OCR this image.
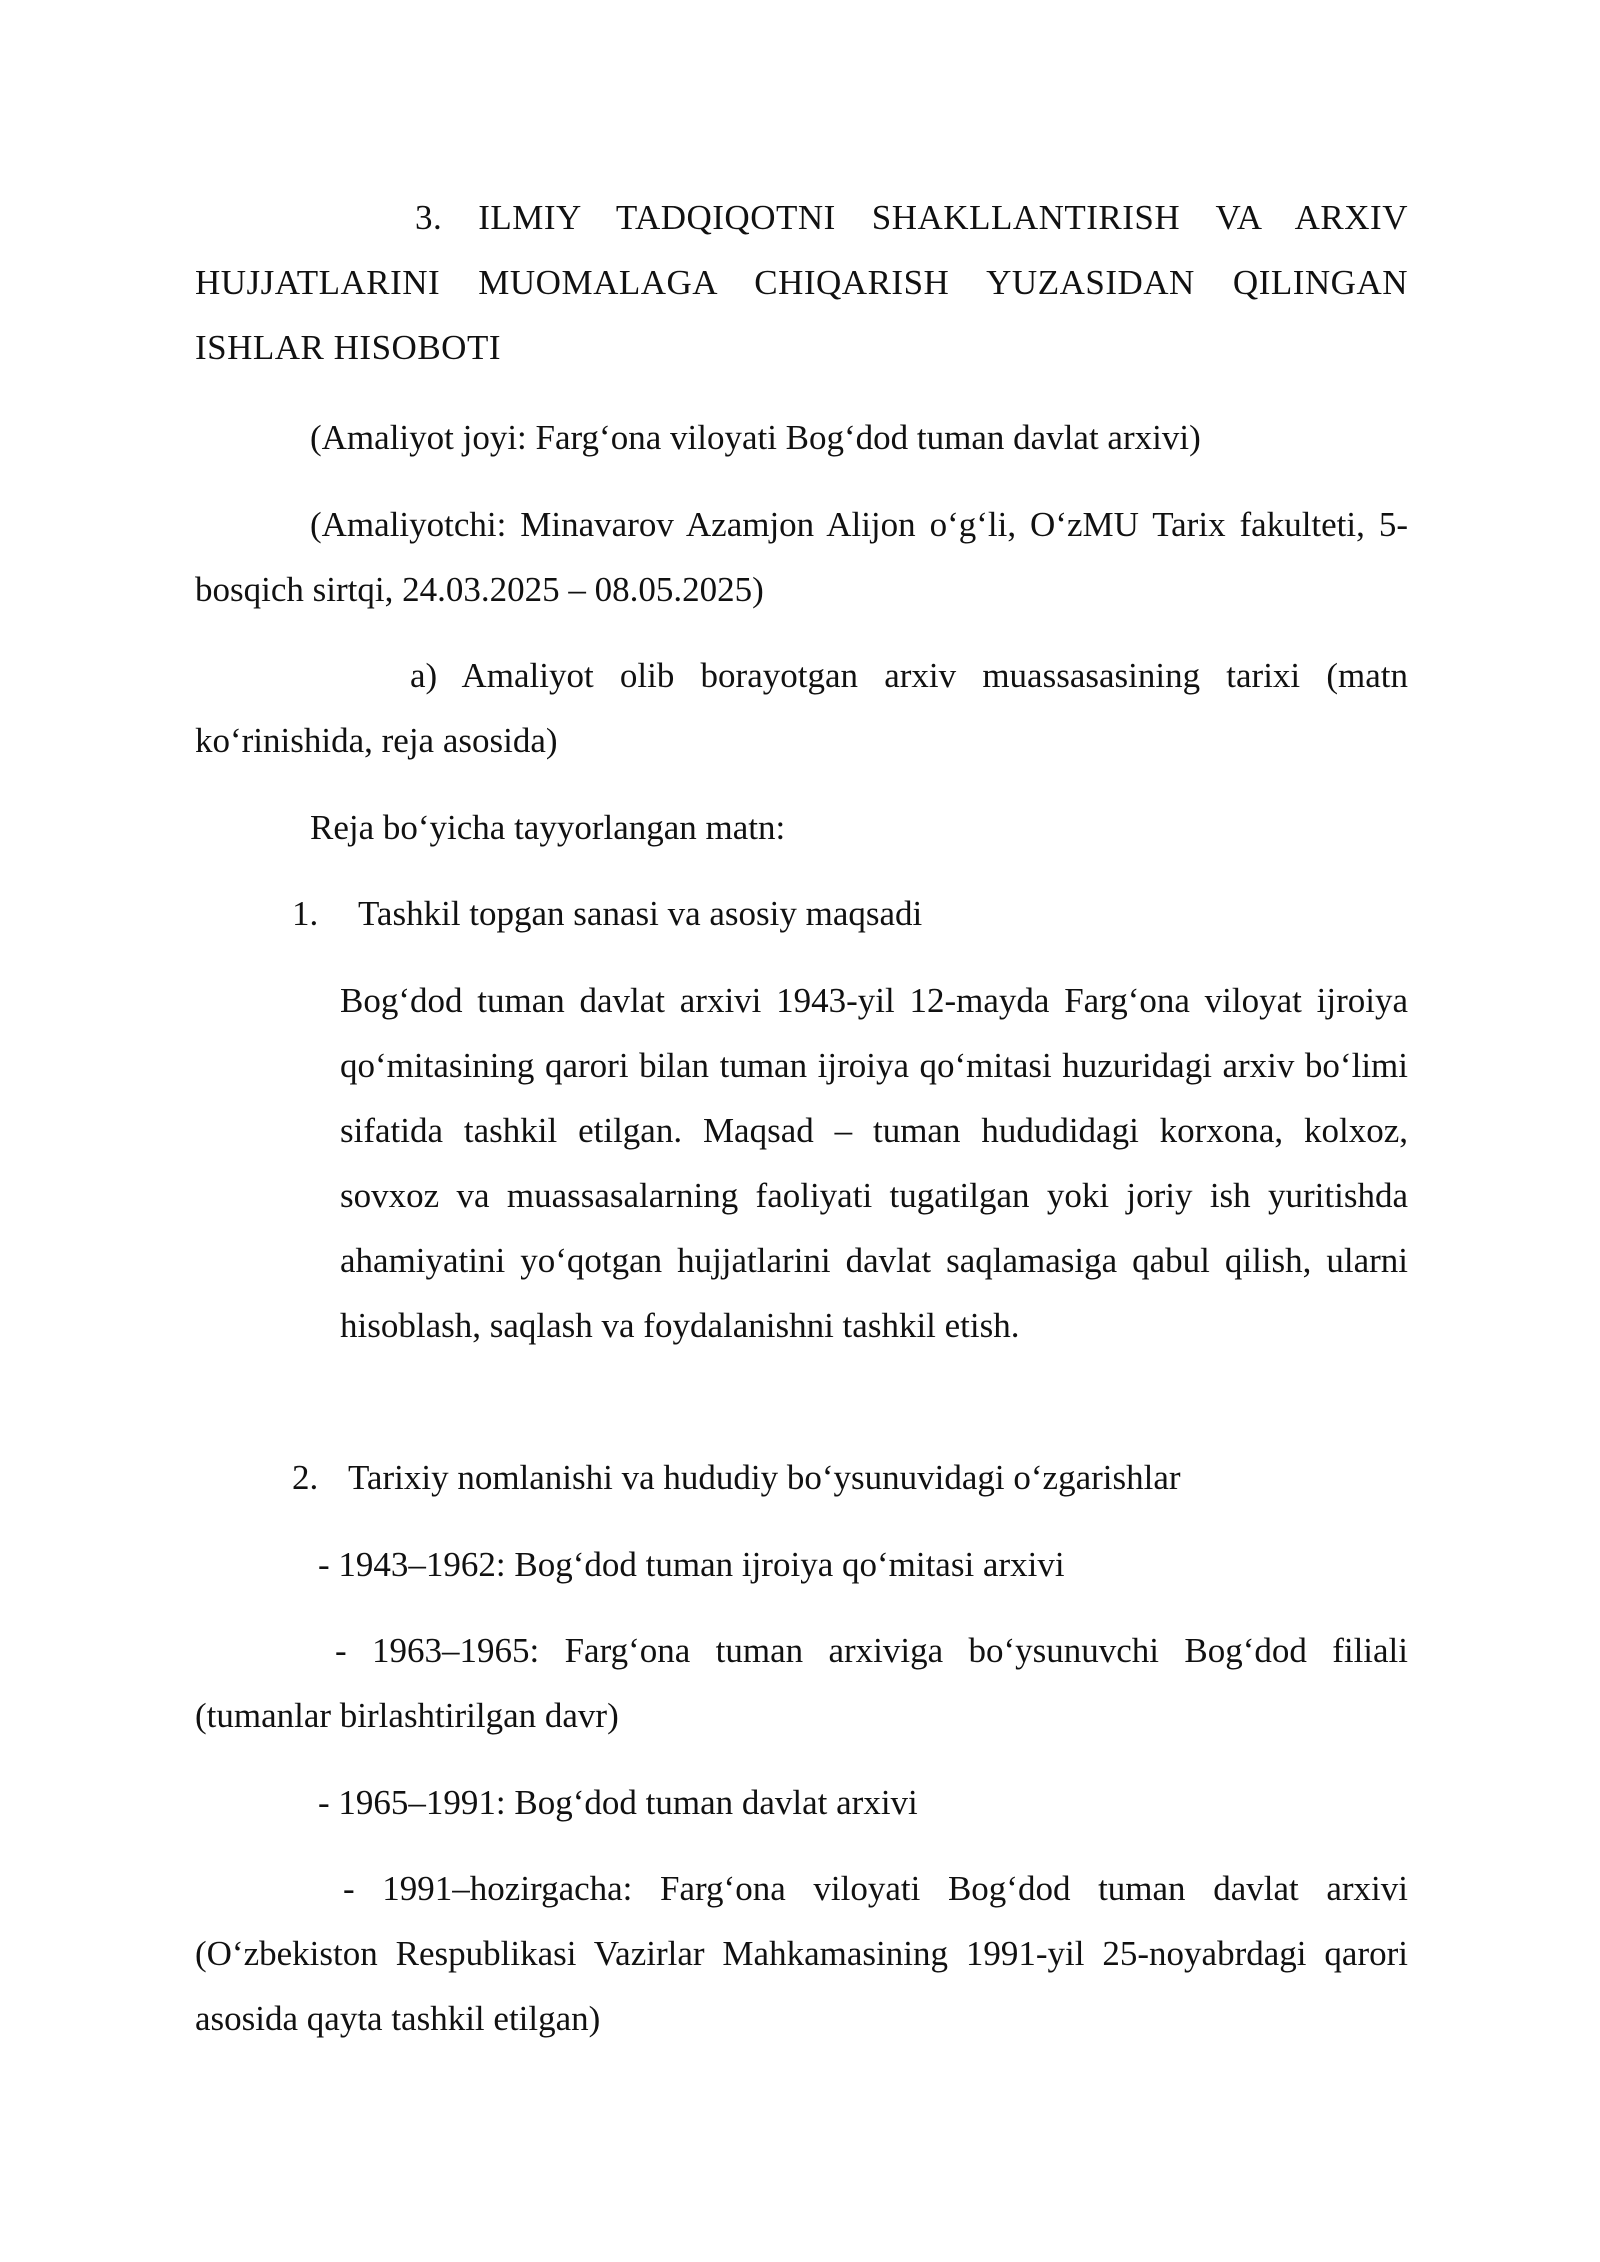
3. ILMIY TADQIQOTNI SHAKLLANTIRISH VA ARXIV HUJJATLARINI MUOMALAGA CHIQARISH YUZASIDAN QILINGAN ISHLAR HISOBOTI

(Amaliyot joyi: Farg‘ona viloyati Bog‘dod tuman davlat arxivi)

(Amaliyotchi: Minavarov Azamjon Alijon o‘g‘li, O‘zMU Tarix fakulteti, 5-bosqich sirtqi, 24.03.2025 – 08.05.2025)

a) Amaliyot olib borayotgan arxiv muassasasining tarixi (matn ko‘rinishida, reja asosida)

Reja bo‘yicha tayyorlangan matn:

1. Tashkil topgan sanasi va asosiy maqsadi

Bog‘dod tuman davlat arxivi 1943-yil 12-mayda Farg‘ona viloyat ijroiya qo‘mitasining qarori bilan tuman ijroiya qo‘mitasi huzuridagi arxiv bo‘limi sifatida tashkil etilgan. Maqsad – tuman hududidagi korxona, kolxoz, sovxoz va muassasalarning faoliyati tugatilgan yoki joriy ish yuritishda ahamiyatini yo‘qotgan hujjatlarini davlat saqlamasiga qabul qilish, ularni hisoblash, saqlash va foydalanishni tashkil etish.

2. Tarixiy nomlanishi va hududiy bo‘ysunuvidagi o‘zgarishlar

- 1943–1962: Bog‘dod tuman ijroiya qo‘mitasi arxivi

- 1963–1965: Farg‘ona tuman arxiviga bo‘ysunuvchi Bog‘dod filiali (tumanlar birlashtirilgan davr)

- 1965–1991: Bog‘dod tuman davlat arxivi

- 1991–hozirgacha: Farg‘ona viloyati Bog‘dod tuman davlat arxivi (O‘zbekiston Respublikasi Vazirlar Mahkamasining 1991-yil 25-noyabrdagi qarori asosida qayta tashkil etilgan)
